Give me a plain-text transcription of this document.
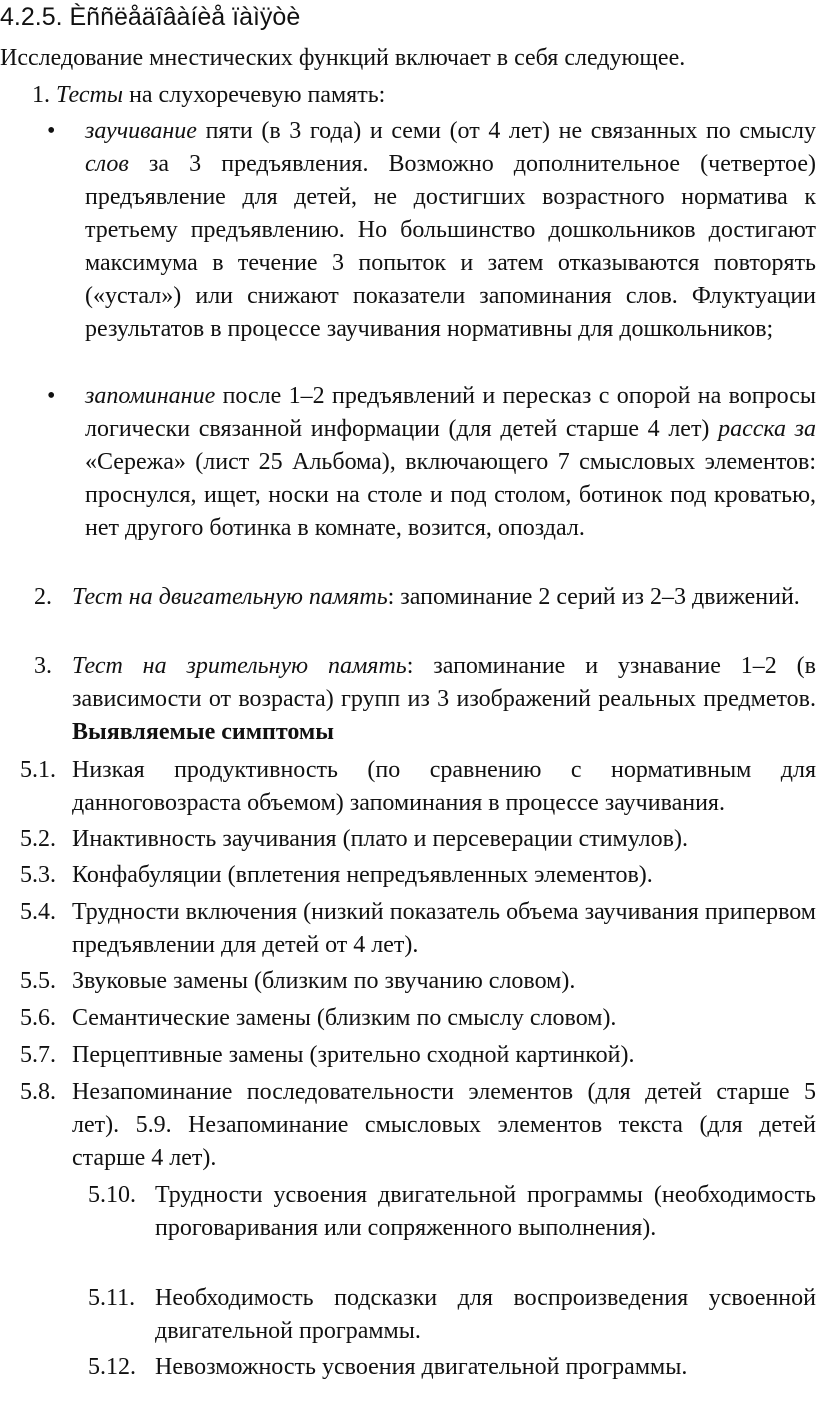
4.2.5. Èññëåäîâàíèå ïàìÿòè
Исследование мнестических функций включает в себя следующее.
1. Тесты на слухоречевую память:
• заучивание пяти (в 3 года) и семи (от 4 лет) не связанных по смыслу слов за 3 предъявления. Возможно дополнительное (четвертое) предъявление для детей, не достигших возрастного норматива к третьему предъявлению. Но большинство дошкольников достигают максимума в течение 3 попыток и затем отказываются повторять («устал») или снижают показатели запоминания слов. Флуктуации результатов в процессе заучивания нормативны для дошкольников;
• запоминание после 1–2 предъявлений и пересказ с опорой на вопросы логически связанной информации (для детей старше 4 лет) расска за «Сережа» (лист 25 Альбома), включающего 7 смысловых элементов: проснулся, ищет, носки на столе и под столом, ботинок под кроватью, нет другого ботинка в комнате, возится, опоздал.
2. Тест на двигательную память: запоминание 2 серий из 2–3 движений.
3. Тест на зрительную память: запоминание и узнавание 1–2 (в зависимости от возраста) групп из 3 изображений реальных предметов. Выявляемые симптомы
5.1. Низкая продуктивность (по сравнению с нормативным для данноговозраста объемом) запоминания в процессе заучивания.
5.2. Инактивность заучивания (плато и персеверации стимулов).
5.3. Конфабуляции (вплетения непредъявленных элементов).
5.4. Трудности включения (низкий показатель объема заучивания припервом предъявлении для детей от 4 лет).
5.5. Звуковые замены (близким по звучанию словом).
5.6. Семантические замены (близким по смыслу словом).
5.7. Перцептивные замены (зрительно сходной картинкой).
5.8. Незапоминание последовательности элементов (для детей старше 5 лет). 5.9. Незапоминание смысловых элементов текста (для детей старше 4 лет).
5.10. Трудности усвоения двигательной программы (необходимость проговаривания или сопряженного выполнения).
5.11. Необходимость подсказки для воспроизведения усвоенной двигательной программы.
5.12. Невозможность усвоения двигательной программы.
